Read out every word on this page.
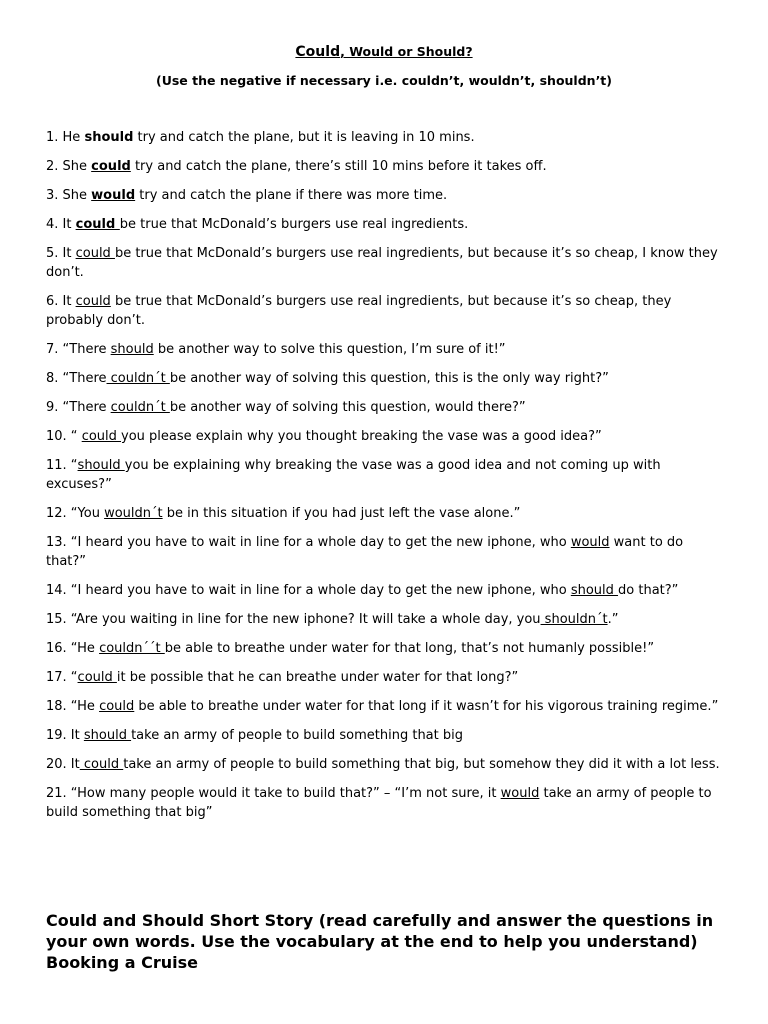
Could, Would or Should?
(Use the negative if necessary i.e. couldn’t, wouldn’t, shouldn’t)

1. He should try and catch the plane, but it is leaving in 10 mins.

2. She could try and catch the plane, there’s still 10 mins before it takes off.

3. She would try and catch the plane if there was more time.

4. It could be true that McDonald’s burgers use real ingredients.

5. It could be true that McDonald’s burgers use real ingredients, but because it’s so cheap, I know they don’t.

6. It could be true that McDonald’s burgers use real ingredients, but because it’s so cheap, they probably don’t.

7. “There should be another way to solve this question, I’m sure of it!”

8. “There couldn´t be another way of solving this question, this is the only way right?”

9. “There couldn´t be another way of solving this question, would there?”

10. “ could you please explain why you thought breaking the vase was a good idea?”

11. “should you be explaining why breaking the vase was a good idea and not coming up with excuses?”

12. “You wouldn´t be in this situation if you had just left the vase alone.”

13. “I heard you have to wait in line for a whole day to get the new iphone, who would want to do that?”

14. “I heard you have to wait in line for a whole day to get the new iphone, who should do that?”

15. “Are you waiting in line for the new iphone? It will take a whole day, you shouldn´t.”

16. “He couldn´´t be able to breathe under water for that long, that’s not humanly possible!”

17. “could it be possible that he can breathe under water for that long?”

18. “He could be able to breathe under water for that long if it wasn’t for his vigorous training regime.”

19. It should take an army of people to build something that big

20. It could take an army of people to build something that big, but somehow they did it with a lot less.

21. “How many people would it take to build that?” – “I’m not sure, it would take an army of people to build something that big”

Could and Should Short Story (read carefully and answer the questions in your own words. Use the vocabulary at the end to help you understand)
Booking a Cruise
